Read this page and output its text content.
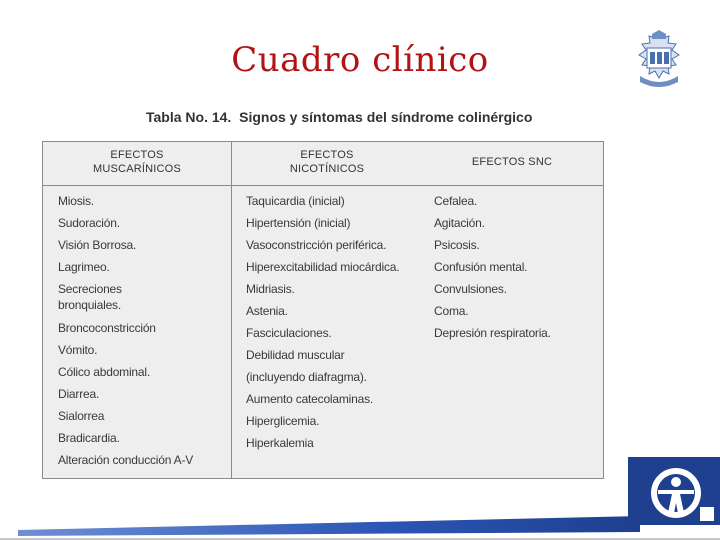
Cuadro clínico
Tabla No. 14. Signos y síntomas del síndrome colinérgico
EFECTOS
MUSCARÍNICOS
EFECTOS
NICOTÍNICOS
EFECTOS SNC
Miosis.
Sudoración.
Visión Borrosa.
Lagrimeo.
Secreciones
bronquiales.
Broncoconstricción
Vómito.
Cólico abdominal.
Diarrea.
Sialorrea
Bradicardia.
Alteración conducción A-V
Taquicardia (inicial)
Hipertensión (inicial)
Vasoconstricción periférica.
Hiperexcitabilidad miocárdica.
Midriasis.
Astenia.
Fasciculaciones.
Debilidad muscular
(incluyendo diafragma).
Aumento catecolaminas.
Hiperglicemia.
Hiperkalemia
Cefalea.
Agitación.
Psicosis.
Confusión mental.
Convulsiones.
Coma.
Depresión respiratoria.
